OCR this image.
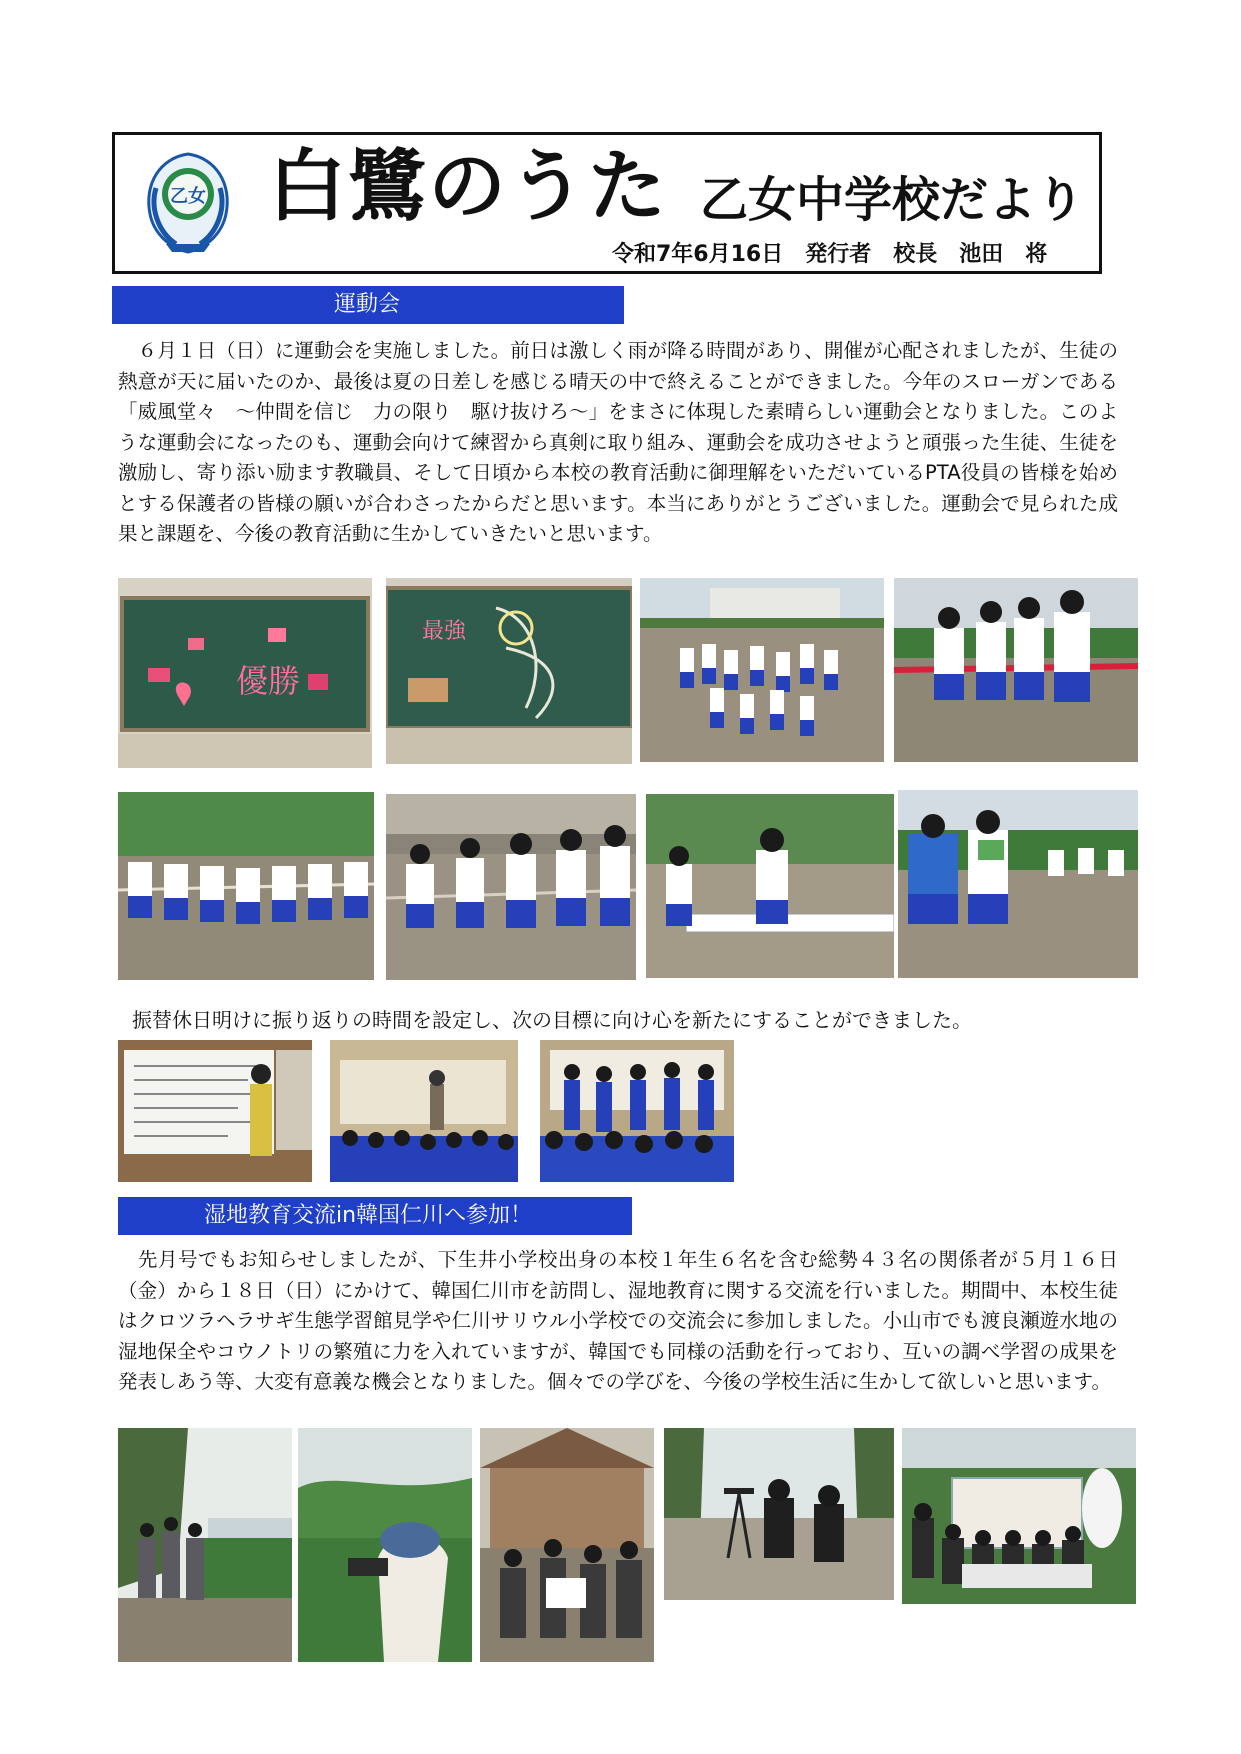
乙女 白鷺のうた 乙女中学校だより
令和7年6月16日 発行者 校長 池田　将
運動会
　６月１日（日）に運動会を実施しました。前日は激しく雨が降る時間があり、開催が心配されましたが、生徒の熱意が天に届いたのか、最後は夏の日差しを感じる晴天の中で終えることができました。今年のスローガンである「威風堂々　～仲間を信じ　力の限り　駆け抜けろ～」をまさに体現した素晴らしい運動会となりました。このような運動会になったのも、運動会向けて練習から真剣に取り組み、運動会を成功させようと頑張った生徒、生徒を激励し、寄り添い励ます教職員、そして日頃から本校の教育活動に御理解をいただいているPTA役員の皆様を始めとする保護者の皆様の願いが合わさったからだと思います。本当にありがとうございました。運動会で見られた成果と課題を、今後の教育活動に生かしていきたいと思います。
優勝
最強
振替休日明けに振り返りの時間を設定し、次の目標に向け心を新たにすることができました。
湿地教育交流in韓国仁川へ参加！
　先月号でもお知らせしましたが、下生井小学校出身の本校１年生６名を含む総勢４３名の関係者が５月１６日（金）から１８日（日）にかけて、韓国仁川市を訪問し、湿地教育に関する交流を行いました。期間中、本校生徒はクロツラヘラサギ生態学習館見学や仁川サリウル小学校での交流会に参加しました。小山市でも渡良瀬遊水地の湿地保全やコウノトリの繁殖に力を入れていますが、韓国でも同様の活動を行っており、互いの調べ学習の成果を発表しあう等、大変有意義な機会となりました。個々での学びを、今後の学校生活に生かして欲しいと思います。
